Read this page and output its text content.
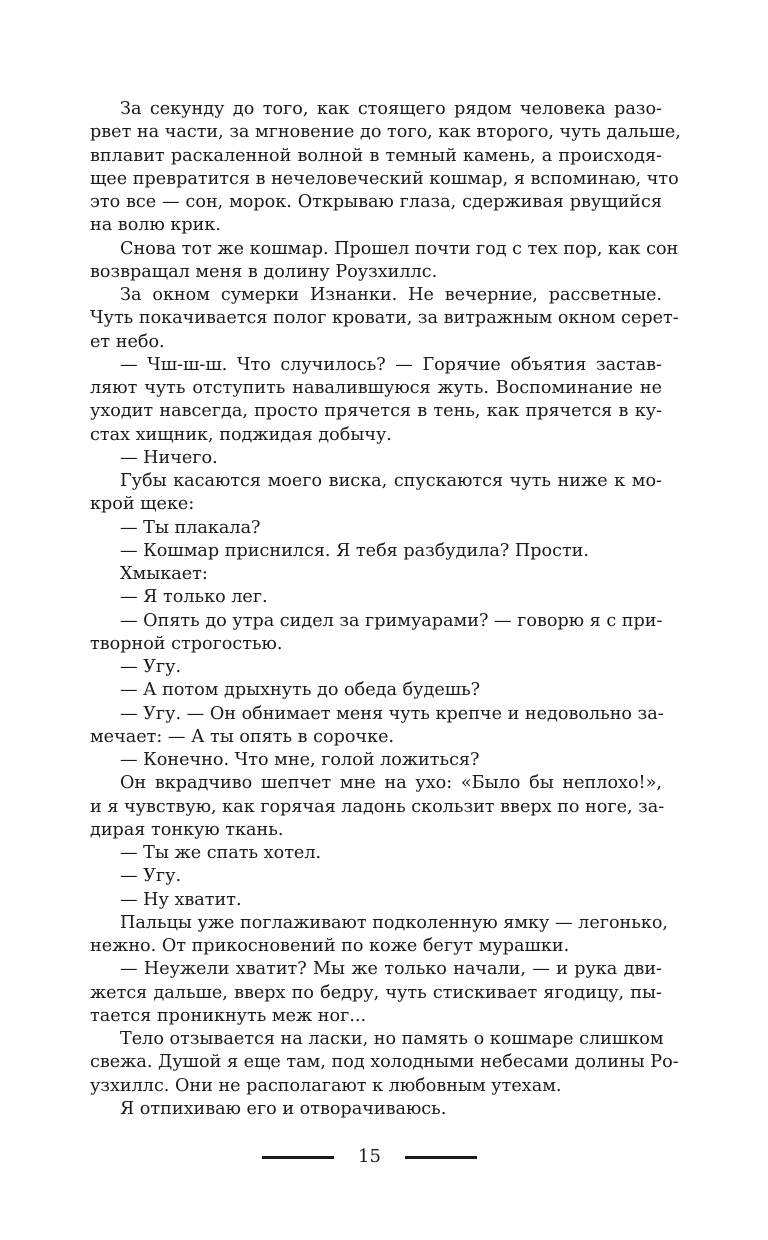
За секунду до того, как стоящего рядом человека разо-
рвет на части, за мгновение до того, как второго, чуть дальше,
вплавит раскаленной волной в темный камень, а происходя-
щее превратится в нечеловеческий кошмар, я вспоминаю, что
это все — сон, морок. Открываю глаза, сдерживая рвущийся
на волю крик.
Снова тот же кошмар. Прошел почти год с тех пор, как сон
возвращал меня в долину Роузхиллс.
За окном сумерки Изнанки. Не вечерние, рассветные.
Чуть покачивается полог кровати, за витражным окном серет-
ет небо.
— Чш-ш-ш. Что случилось? — Горячие объятия застав-
ляют чуть отступить навалившуюся жуть. Воспоминание не
уходит навсегда, просто прячется в тень, как прячется в ку-
стах хищник, поджидая добычу.
— Ничего.
Губы касаются моего виска, спускаются чуть ниже к мо-
крой щеке:
— Ты плакала?
— Кошмар приснился. Я тебя разбудила? Прости.
Хмыкает:
— Я только лег.
— Опять до утра сидел за гримуарами? — говорю я с при-
творной строгостью.
— Угу.
— А потом дрыхнуть до обеда будешь?
— Угу. — Он обнимает меня чуть крепче и недовольно за-
мечает: — А ты опять в сорочке.
— Конечно. Что мне, голой ложиться?
Он вкрадчиво шепчет мне на ухо: «Было бы неплохо!»,
и я чувствую, как горячая ладонь скользит вверх по ноге, за-
дирая тонкую ткань.
— Ты же спать хотел.
— Угу.
— Ну хватит.
Пальцы уже поглаживают подколенную ямку — легонько,
нежно. От прикосновений по коже бегут мурашки.
— Неужели хватит? Мы же только начали, — и рука дви-
жется дальше, вверх по бедру, чуть стискивает ягодицу, пы-
тается проникнуть меж ног...
Тело отзывается на ласки, но память о кошмаре слишком
свежа. Душой я еще там, под холодными небесами долины Ро-
узхиллс. Они не располагают к любовным утехам.
Я отпихиваю его и отворачиваюсь.
15
